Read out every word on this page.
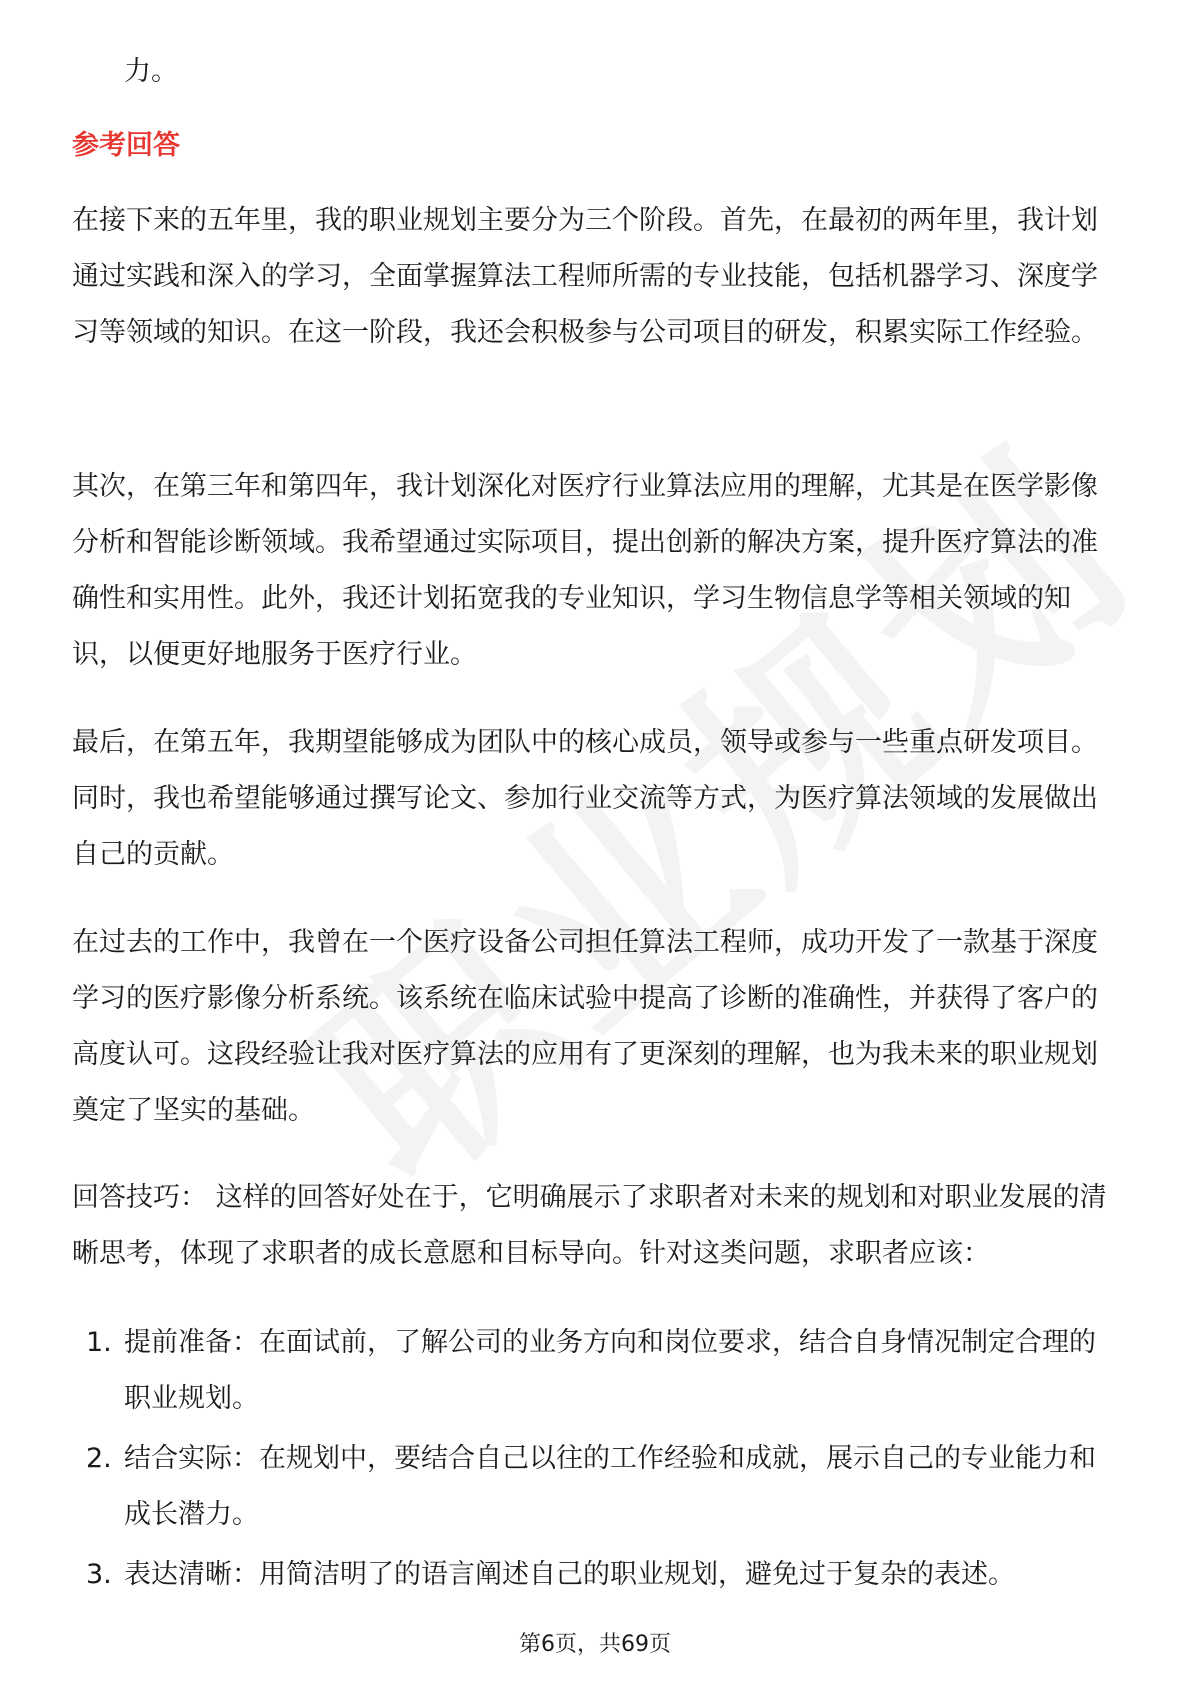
力。
参考回答
在接下来的五年里，我的职业规划主要分为三个阶段。首先，在最初的两年里，我计划通过实践和深入的学习，全面掌握算法工程师所需的专业技能，包括机器学习、深度学习等领域的知识。在这一阶段，我还会积极参与公司项目的研发，积累实际工作经验。
其次，在第三年和第四年，我计划深化对医疗行业算法应用的理解，尤其是在医学影像分析和智能诊断领域。我希望通过实际项目，提出创新的解决方案，提升医疗算法的准确性和实用性。此外，我还计划拓宽我的专业知识，学习生物信息学等相关领域的知识，以便更好地服务于医疗行业。
最后，在第五年，我期望能够成为团队中的核心成员，领导或参与一些重点研发项目。同时，我也希望能够通过撰写论文、参加行业交流等方式，为医疗算法领域的发展做出自己的贡献。
在过去的工作中，我曾在一个医疗设备公司担任算法工程师，成功开发了一款基于深度学习的医疗影像分析系统。该系统在临床试验中提高了诊断的准确性，并获得了客户的高度认可。这段经验让我对医疗算法的应用有了更深刻的理解，也为我未来的职业规划奠定了坚实的基础。
回答技巧： 这样的回答好处在于，它明确展示了求职者对未来的规划和对职业发展的清晰思考，体现了求职者的成长意愿和目标导向。针对这类问题，求职者应该：
1. 提前准备：在面试前，了解公司的业务方向和岗位要求，结合自身情况制定合理的职业规划。
2. 结合实际：在规划中，要结合自己以往的工作经验和成就，展示自己的专业能力和成长潜力。
3. 表达清晰：用简洁明了的语言阐述自己的职业规划，避免过于复杂的表述。
第6页，共69页
